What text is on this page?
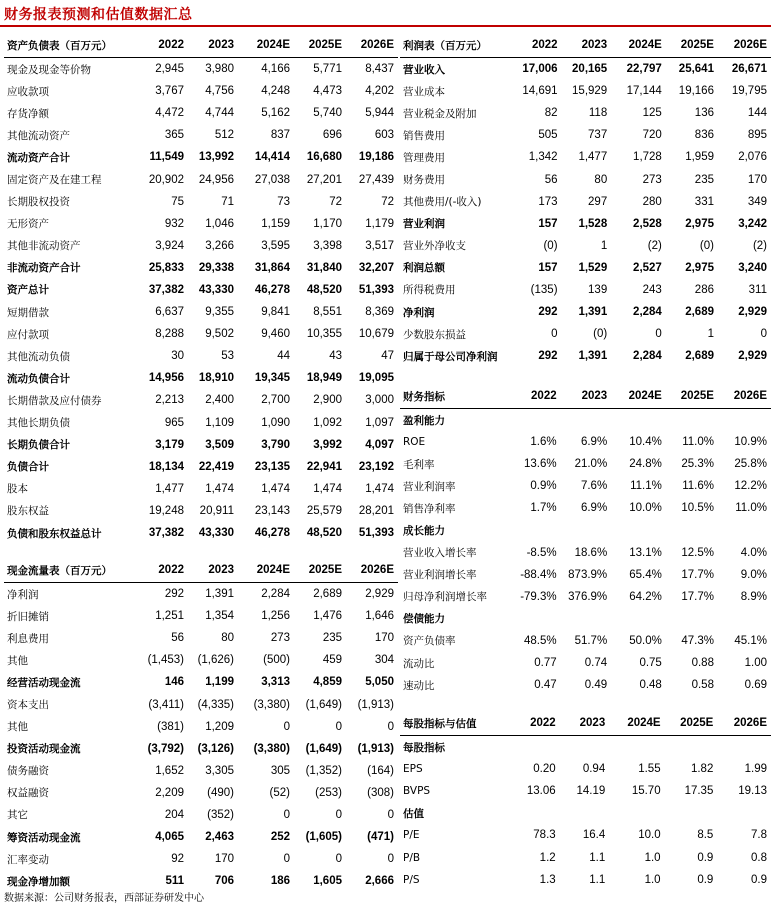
财务报表预测和估值数据汇总
资产负债表（百万元）	2022	2023	2024E	2025E	2026E
现金及现金等价物	2,945	3,980	4,166	5,771	8,437
应收款项	3,767	4,756	4,248	4,473	4,202
存货净额	4,472	4,744	5,162	5,740	5,944
其他流动资产	365	512	837	696	603
流动资产合计	11,549	13,992	14,414	16,680	19,186
固定资产及在建工程	20,902	24,956	27,038	27,201	27,439
长期股权投资	75	71	73	72	72
无形资产	932	1,046	1,159	1,170	1,179
其他非流动资产	3,924	3,266	3,595	3,398	3,517
非流动资产合计	25,833	29,338	31,864	31,840	32,207
资产总计	37,382	43,330	46,278	48,520	51,393
短期借款	6,637	9,355	9,841	8,551	8,369
应付款项	8,288	9,502	9,460	10,355	10,679
其他流动负债	30	53	44	43	47
流动负债合计	14,956	18,910	19,345	18,949	19,095
长期借款及应付债券	2,213	2,400	2,700	2,900	3,000
其他长期负债	965	1,109	1,090	1,092	1,097
长期负债合计	3,179	3,509	3,790	3,992	4,097
负债合计	18,134	22,419	23,135	22,941	23,192
股本	1,477	1,474	1,474	1,474	1,474
股东权益	19,248	20,911	23,143	25,579	28,201
负债和股东权益总计	37,382	43,330	46,278	48,520	51,393
现金流量表（百万元）	2022	2023	2024E	2025E	2026E
净利润	292	1,391	2,284	2,689	2,929
折旧摊销	1,251	1,354	1,256	1,476	1,646
利息费用	56	80	273	235	170
其他	(1,453)	(1,626)	(500)	459	304
经营活动现金流	146	1,199	3,313	4,859	5,050
资本支出	(3,411)	(4,335)	(3,380)	(1,649)	(1,913)
其他	(381)	1,209	0	0	0
投资活动现金流	(3,792)	(3,126)	(3,380)	(1,649)	(1,913)
债务融资	1,652	3,305	305	(1,352)	(164)
权益融资	2,209	(490)	(52)	(253)	(308)
其它	204	(352)	0	0	0
筹资活动现金流	4,065	2,463	252	(1,605)	(471)
汇率变动	92	170	0	0	0
现金净增加额	511	706	186	1,605	2,666
利润表（百万元）	2022	2023	2024E	2025E	2026E
营业收入	17,006	20,165	22,797	25,641	26,671
营业成本	14,691	15,929	17,144	19,166	19,795
营业税金及附加	82	118	125	136	144
销售费用	505	737	720	836	895
管理费用	1,342	1,477	1,728	1,959	2,076
财务费用	56	80	273	235	170
其他费用/(-收入)	173	297	280	331	349
营业利润	157	1,528	2,528	2,975	3,242
营业外净收支	(0)	1	(2)	(0)	(2)
利润总额	157	1,529	2,527	2,975	3,240
所得税费用	(135)	139	243	286	311
净利润	292	1,391	2,284	2,689	2,929
少数股东损益	0	(0)	0	1	0
归属于母公司净利润	292	1,391	2,284	2,689	2,929
财务指标	2022	2023	2024E	2025E	2026E
盈利能力					
ROE	1.6%	6.9%	10.4%	11.0%	10.9%
毛利率	13.6%	21.0%	24.8%	25.3%	25.8%
营业利润率	0.9%	7.6%	11.1%	11.6%	12.2%
销售净利率	1.7%	6.9%	10.0%	10.5%	11.0%
成长能力					
营业收入增长率	-8.5%	18.6%	13.1%	12.5%	4.0%
营业利润增长率	-88.4%	873.9%	65.4%	17.7%	9.0%
归母净利润增长率	-79.3%	376.9%	64.2%	17.7%	8.9%
偿债能力					
资产负债率	48.5%	51.7%	50.0%	47.3%	45.1%
流动比	0.77	0.74	0.75	0.88	1.00
速动比	0.47	0.49	0.48	0.58	0.69
每股指标与估值	2022	2023	2024E	2025E	2026E
每股指标					
EPS	0.20	0.94	1.55	1.82	1.99
BVPS	13.06	14.19	15.70	17.35	19.13
估值					
P/E	78.3	16.4	10.0	8.5	7.8
P/B	1.2	1.1	1.0	0.9	0.8
P/S	1.3	1.1	1.0	0.9	0.9
数据来源：公司财务报表，西部证券研发中心
